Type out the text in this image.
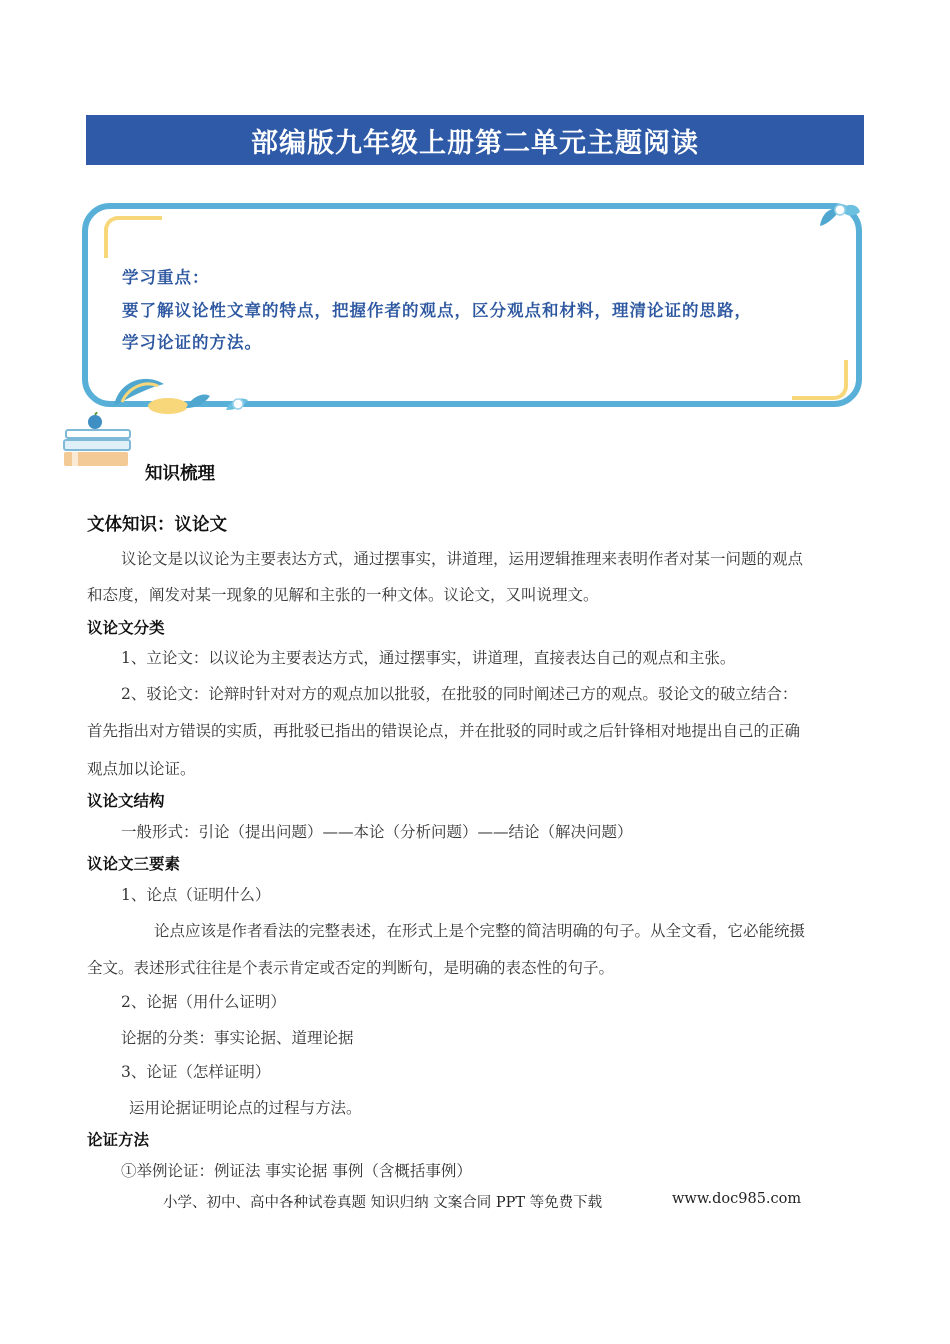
部编版九年级上册第二单元主题阅读
学习重点：
要了解议论性文章的特点，把握作者的观点，区分观点和材料，理清论证的思路，
学习论证的方法。
知识梳理
文体知识：议论文
议论文是以议论为主要表达方式，通过摆事实，讲道理，运用逻辑推理来表明作者对某一问题的观点
和态度，阐发对某一现象的见解和主张的一种文体。议论文，又叫说理文。
议论文分类
1、立论文：以议论为主要表达方式，通过摆事实，讲道理，直接表达自己的观点和主张。
2、驳论文：论辩时针对对方的观点加以批驳，在批驳的同时阐述己方的观点。驳论文的破立结合：
首先指出对方错误的实质，再批驳已指出的错误论点，并在批驳的同时或之后针锋相对地提出自己的正确
观点加以论证。
议论文结构
一般形式：引论（提出问题）——本论（分析问题）——结论（解决问题）
议论文三要素
1、论点（证明什么）
论点应该是作者看法的完整表述，在形式上是个完整的简洁明确的句子。从全文看，它必能统摄
全文。表述形式往往是个表示肯定或否定的判断句，是明确的表态性的句子。
2、论据（用什么证明）
论据的分类：事实论据、道理论据
3、论证（怎样证明）
运用论据证明论点的过程与方法。
论证方法
①举例论证：例证法 事实论据 事例（含概括事例）
小学、初中、高中各种试卷真题 知识归纳 文案合同 PPT 等免费下载	www.doc985.com
